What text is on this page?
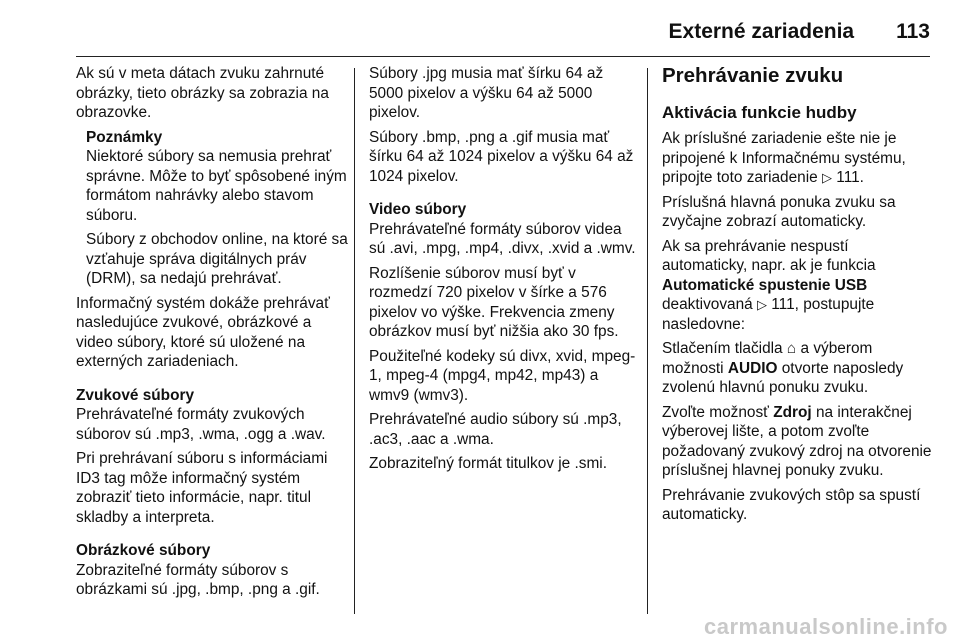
Externé zariadenia 113

Ak sú v meta dátach zvuku zahrnuté obrázky, tieto obrázky sa zobrazia na obrazovke.

Poznámky

Niektoré súbory sa nemusia prehrať správne. Môže to byť spôsobené iným formátom nahrávky alebo stavom súboru.

Súbory z obchodov online, na ktoré sa vzťahuje správa digitálnych práv (DRM), sa nedajú prehrávať.

Informačný systém dokáže prehrávať nasledujúce zvukové, obrázkové a video súbory, ktoré sú uložené na externých zariadeniach.

Zvukové súbory

Prehrávateľné formáty zvukových súborov sú .mp3, .wma, .ogg a .wav.

Pri prehrávaní súboru s informáciami ID3 tag môže informačný systém zobraziť tieto informácie, napr. titul skladby a interpreta.

Obrázkové súbory

Zobraziteľné formáty súborov s obrázkami sú .jpg, .bmp, .png a .gif.

Súbory .jpg musia mať šírku 64 až 5000 pixelov a výšku 64 až 5000 pixelov.

Súbory .bmp, .png a .gif musia mať šírku 64 až 1024 pixelov a výšku 64 až 1024 pixelov.

Video súbory

Prehrávateľné formáty súborov videa sú .avi, .mpg, .mp4, .divx, .xvid a .wmv.

Rozlíšenie súborov musí byť v rozmedzí 720 pixelov v šírke a 576 pixelov vo výške. Frekvencia zmeny obrázkov musí byť nižšia ako 30 fps.

Použiteľné kodeky sú divx, xvid, mpeg-1, mpeg-4 (mpg4, mp42, mp43) a wmv9 (wmv3).

Prehrávateľné audio súbory sú .mp3, .ac3, .aac a .wma.

Zobraziteľný formát titulkov je .smi.

Prehrávanie zvuku
Aktivácia funkcie hudby

Ak príslušné zariadenie ešte nie je pripojené k Informačnému systému, pripojte toto zariadenie ▷ 111.

Príslušná hlavná ponuka zvuku sa zvyčajne zobrazí automaticky.

Ak sa prehrávanie nespustí automaticky, napr. ak je funkcia Automatické spustenie USB deaktivovaná ▷ 111, postupujte nasledovne:

Stlačením tlačidla ⌂ a výberom možnosti AUDIO otvorte naposledy zvolenú hlavnú ponuku zvuku.

Zvoľte možnosť Zdroj na interakčnej výberovej lište, a potom zvoľte požadovaný zvukový zdroj na otvorenie príslušnej hlavnej ponuky zvuku.

Prehrávanie zvukových stôp sa spustí automaticky.

carmanualsonline.info
